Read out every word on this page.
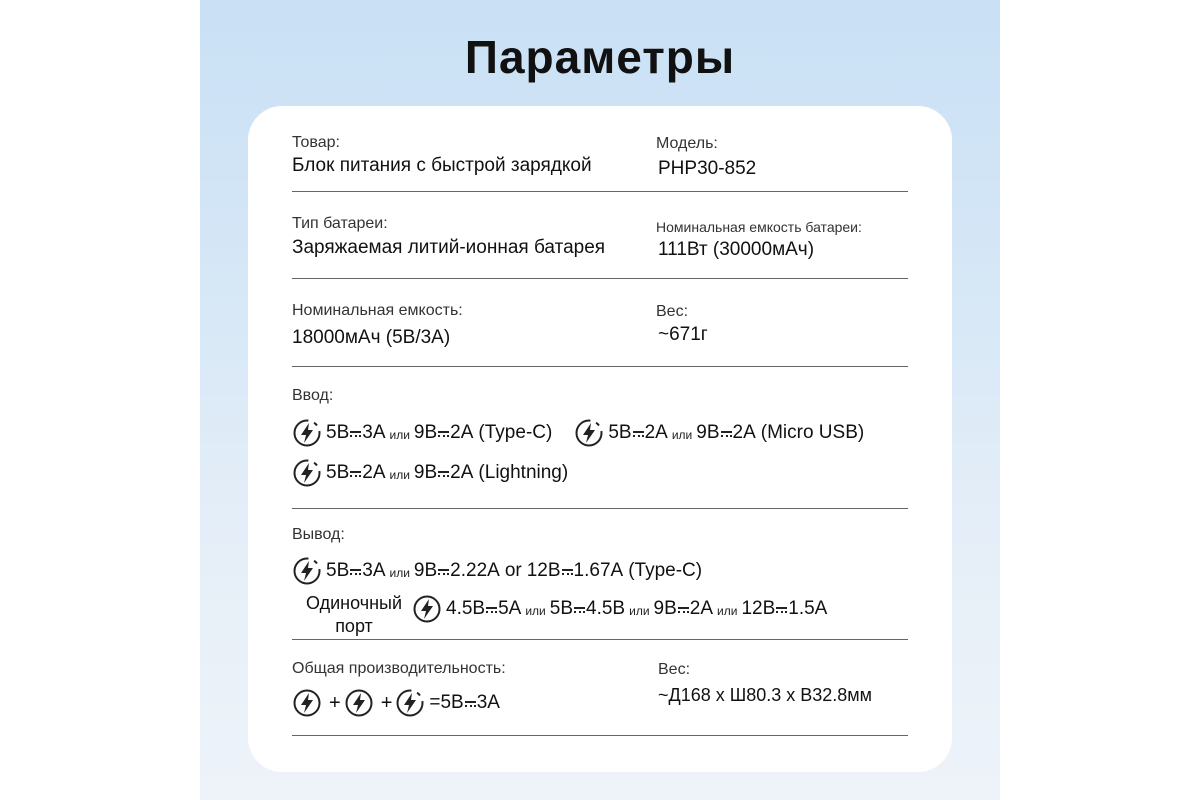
Параметры
Товар:
Блок питания с быстрой зарядкой
Модель:
PHP30-852
Тип батареи:
Заряжаемая литий-ионная батарея
Номинальная емкость батареи:
111Вт (30000мАч)
Номинальная емкость:
18000мАч (5В/3А)
Вес:
~671г
Ввод:
5В 3А или 9В 2А (Type-C)	5В 2А или 9В 2А (Micro USB)
5В 2А или 9В 2А (Lightning)
Вывод:
5В 3А или 9В 2.22A or 12В 1.67A (Type-C)
Одиночный
порт
4.5В 5А или 5В 4.5В или 9В 2А или 12В 1.5А
Общая производительность:
+ + =5В 3А
Вес:
~Д168 x Ш80.3 x В32.8мм
